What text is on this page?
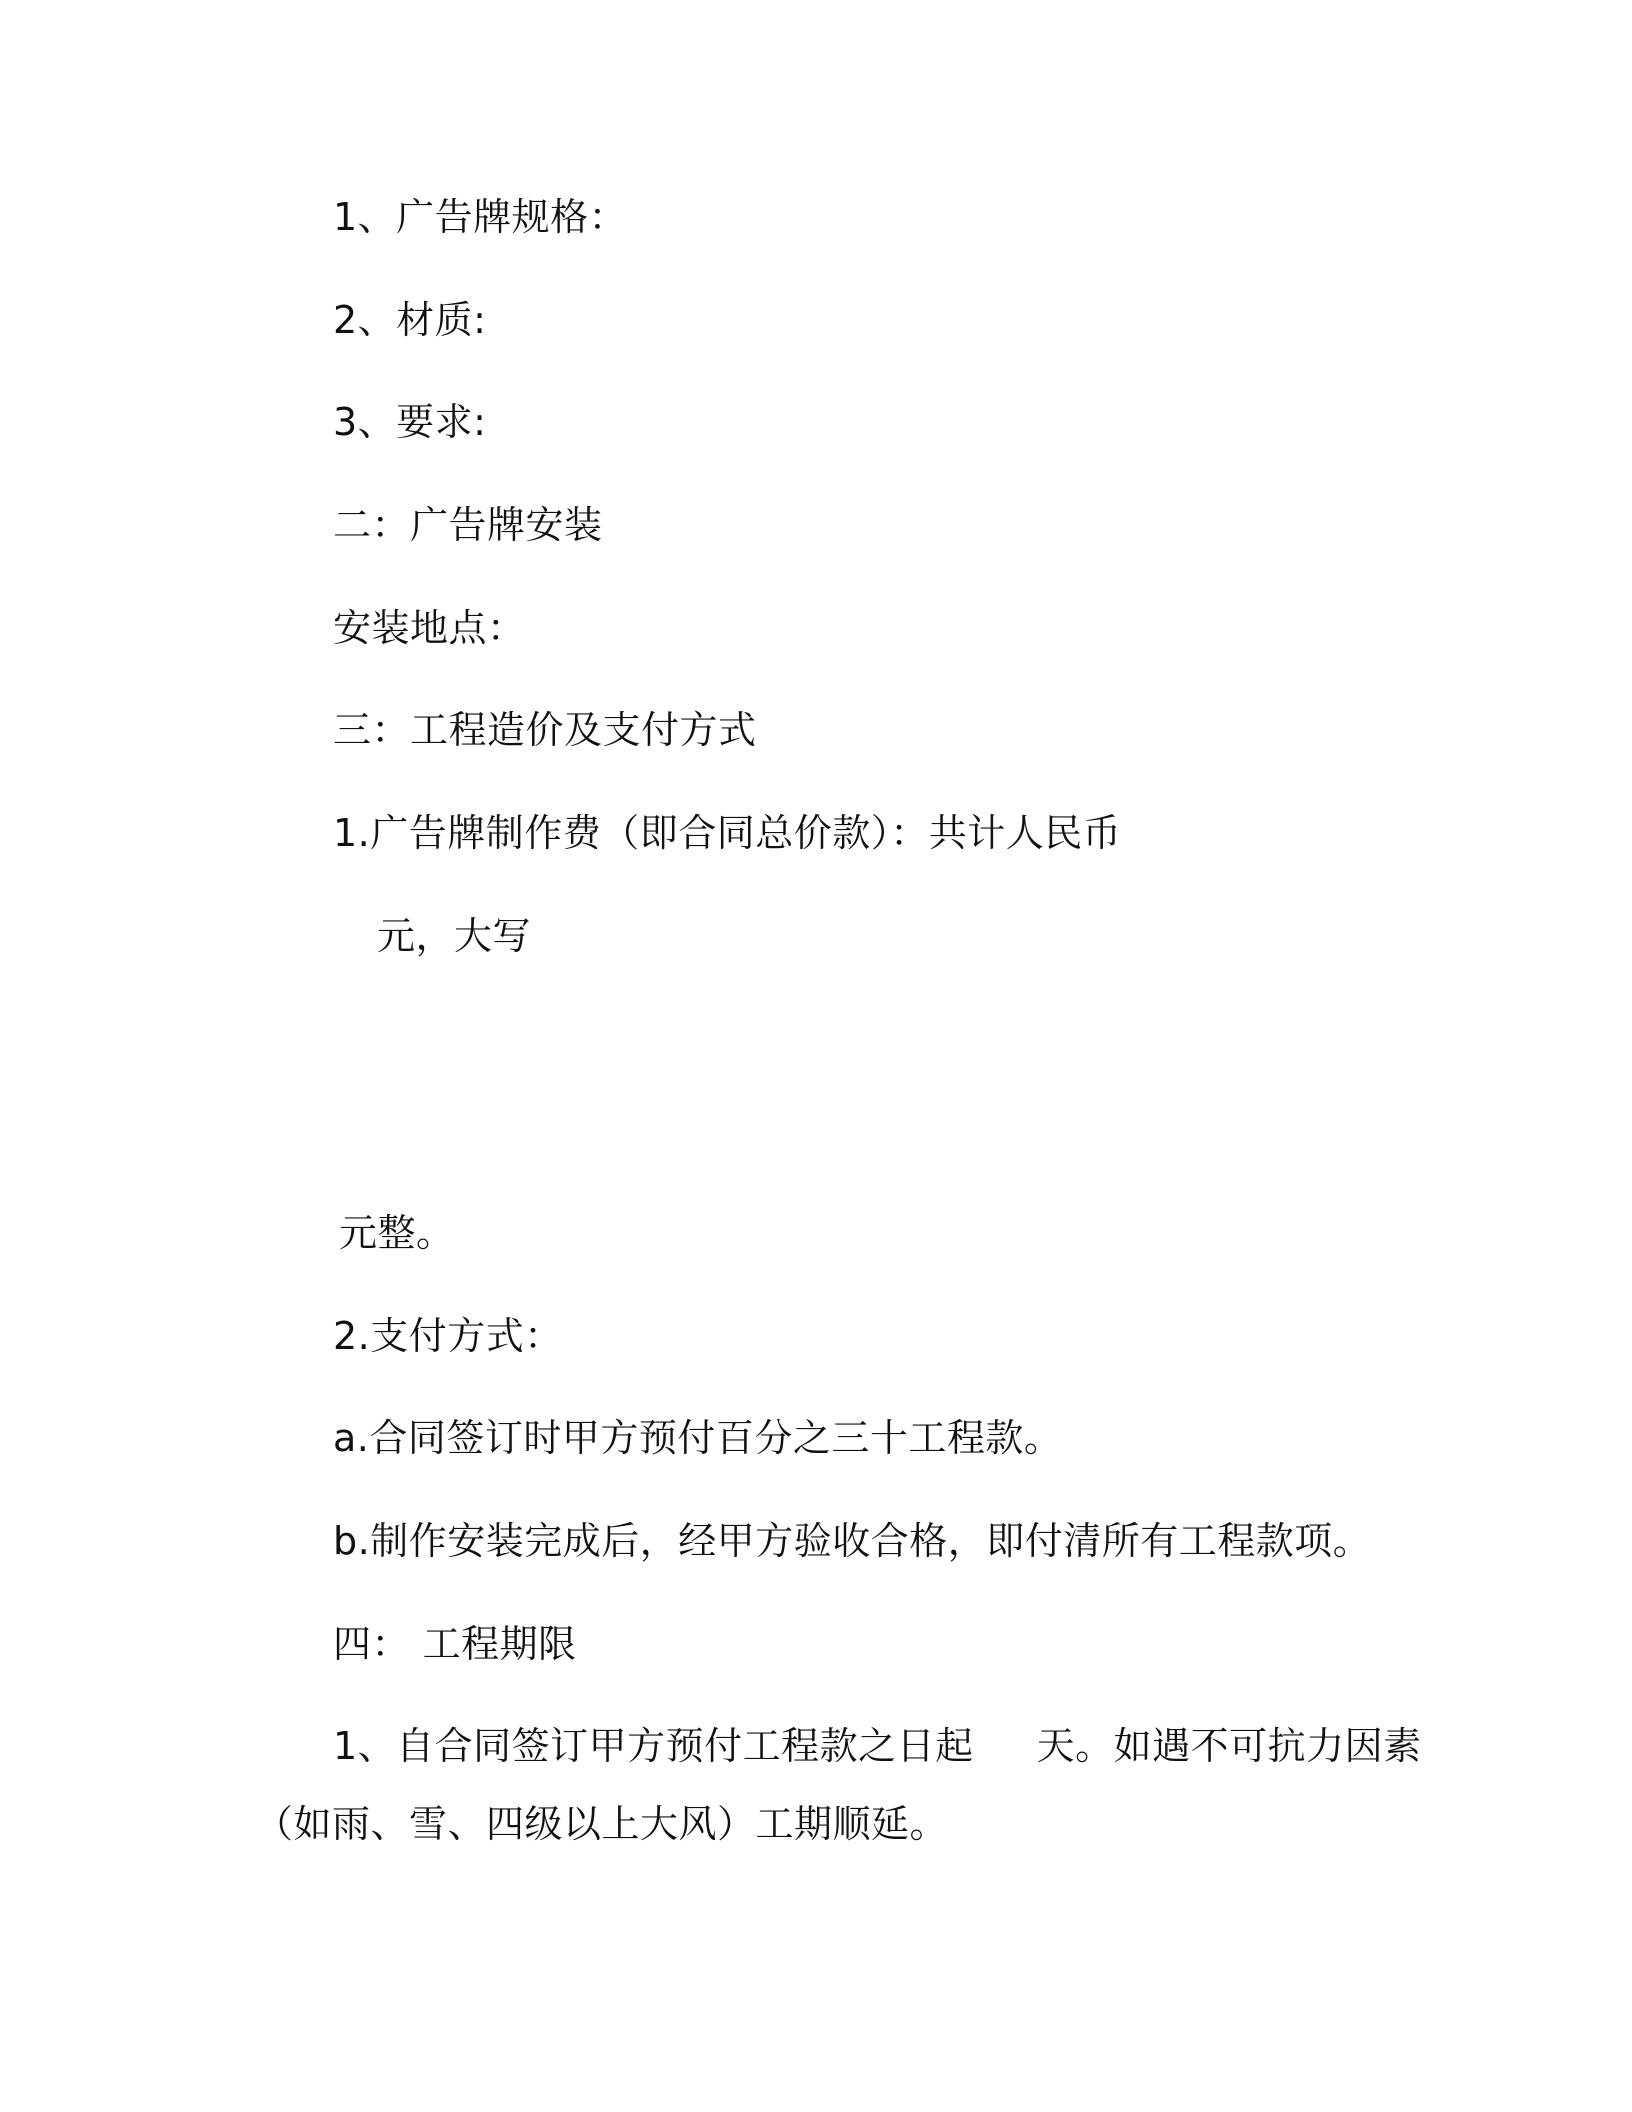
1、广告牌规格：
2、材质:
3、要求:
二：广告牌安装
安装地点：
三：工程造价及支付方式
1.广告牌制作费（即合同总价款）：共计人民币
元，大写
元整。
2.支付方式：
a.合同签订时甲方预付百分之三十工程款。
b.制作安装完成后，经甲方验收合格，即付清所有工程款项。
四： 工程期限
1、自合同签订甲方预付工程款之日起     天。如遇不可抗力因素
（如雨、雪、四级以上大风）工期顺延。
